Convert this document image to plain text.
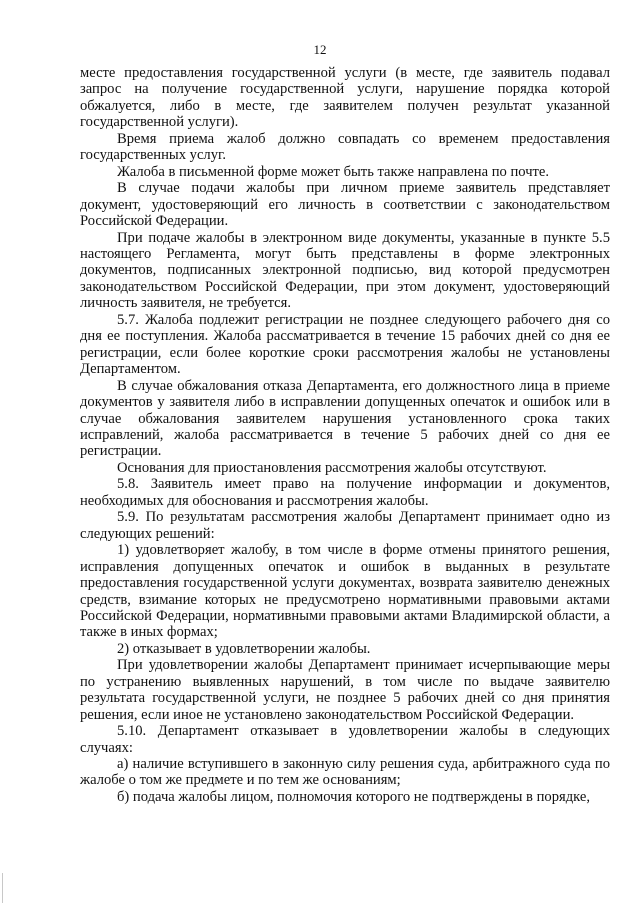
12

месте предоставления государственной услуги (в месте, где заявитель подавал запрос на получение государственной услуги, нарушение порядка которой обжалуется, либо в месте, где заявителем получен результат указанной государственной услуги).

Время приема жалоб должно совпадать со временем предоставления государственных услуг.

Жалоба в письменной форме может быть также направлена по почте.

В случае подачи жалобы при личном приеме заявитель представляет документ, удостоверяющий его личность в соответствии с законодательством Российской Федерации.

При подаче жалобы в электронном виде документы, указанные в пункте 5.5 настоящего Регламента, могут быть представлены в форме электронных документов, подписанных электронной подписью, вид которой предусмотрен законодательством Российской Федерации, при этом документ, удостоверяющий личность заявителя, не требуется.

5.7. Жалоба подлежит регистрации не позднее следующего рабочего дня со дня ее поступления. Жалоба рассматривается в течение 15 рабочих дней со дня ее регистрации, если более короткие сроки рассмотрения жалобы не установлены Департаментом.

В случае обжалования отказа Департамента, его должностного лица в приеме документов у заявителя либо в исправлении допущенных опечаток и ошибок или в случае обжалования заявителем нарушения установленного срока таких исправлений, жалоба рассматривается в течение 5 рабочих дней со дня ее регистрации.

Основания для приостановления рассмотрения жалобы отсутствуют.

5.8. Заявитель имеет право на получение информации и документов, необходимых для обоснования и рассмотрения жалобы.

5.9. По результатам рассмотрения жалобы Департамент принимает одно из следующих решений:

1) удовлетворяет жалобу, в том числе в форме отмены принятого решения, исправления допущенных опечаток и ошибок в выданных в результате предоставления государственной услуги документах, возврата заявителю денежных средств, взимание которых не предусмотрено нормативными правовыми актами Российской Федерации, нормативными правовыми актами Владимирской области, а также в иных формах;

2) отказывает в удовлетворении жалобы.

При удовлетворении жалобы Департамент принимает исчерпывающие меры по устранению выявленных нарушений, в том числе по выдаче заявителю результата государственной услуги, не позднее 5 рабочих дней со дня принятия решения, если иное не установлено законодательством Российской Федерации.

5.10. Департамент отказывает в удовлетворении жалобы в следующих случаях:

а) наличие вступившего в законную силу решения суда, арбитражного суда по жалобе о том же предмете и по тем же основаниям;

б) подача жалобы лицом, полномочия которого не подтверждены в порядке,
